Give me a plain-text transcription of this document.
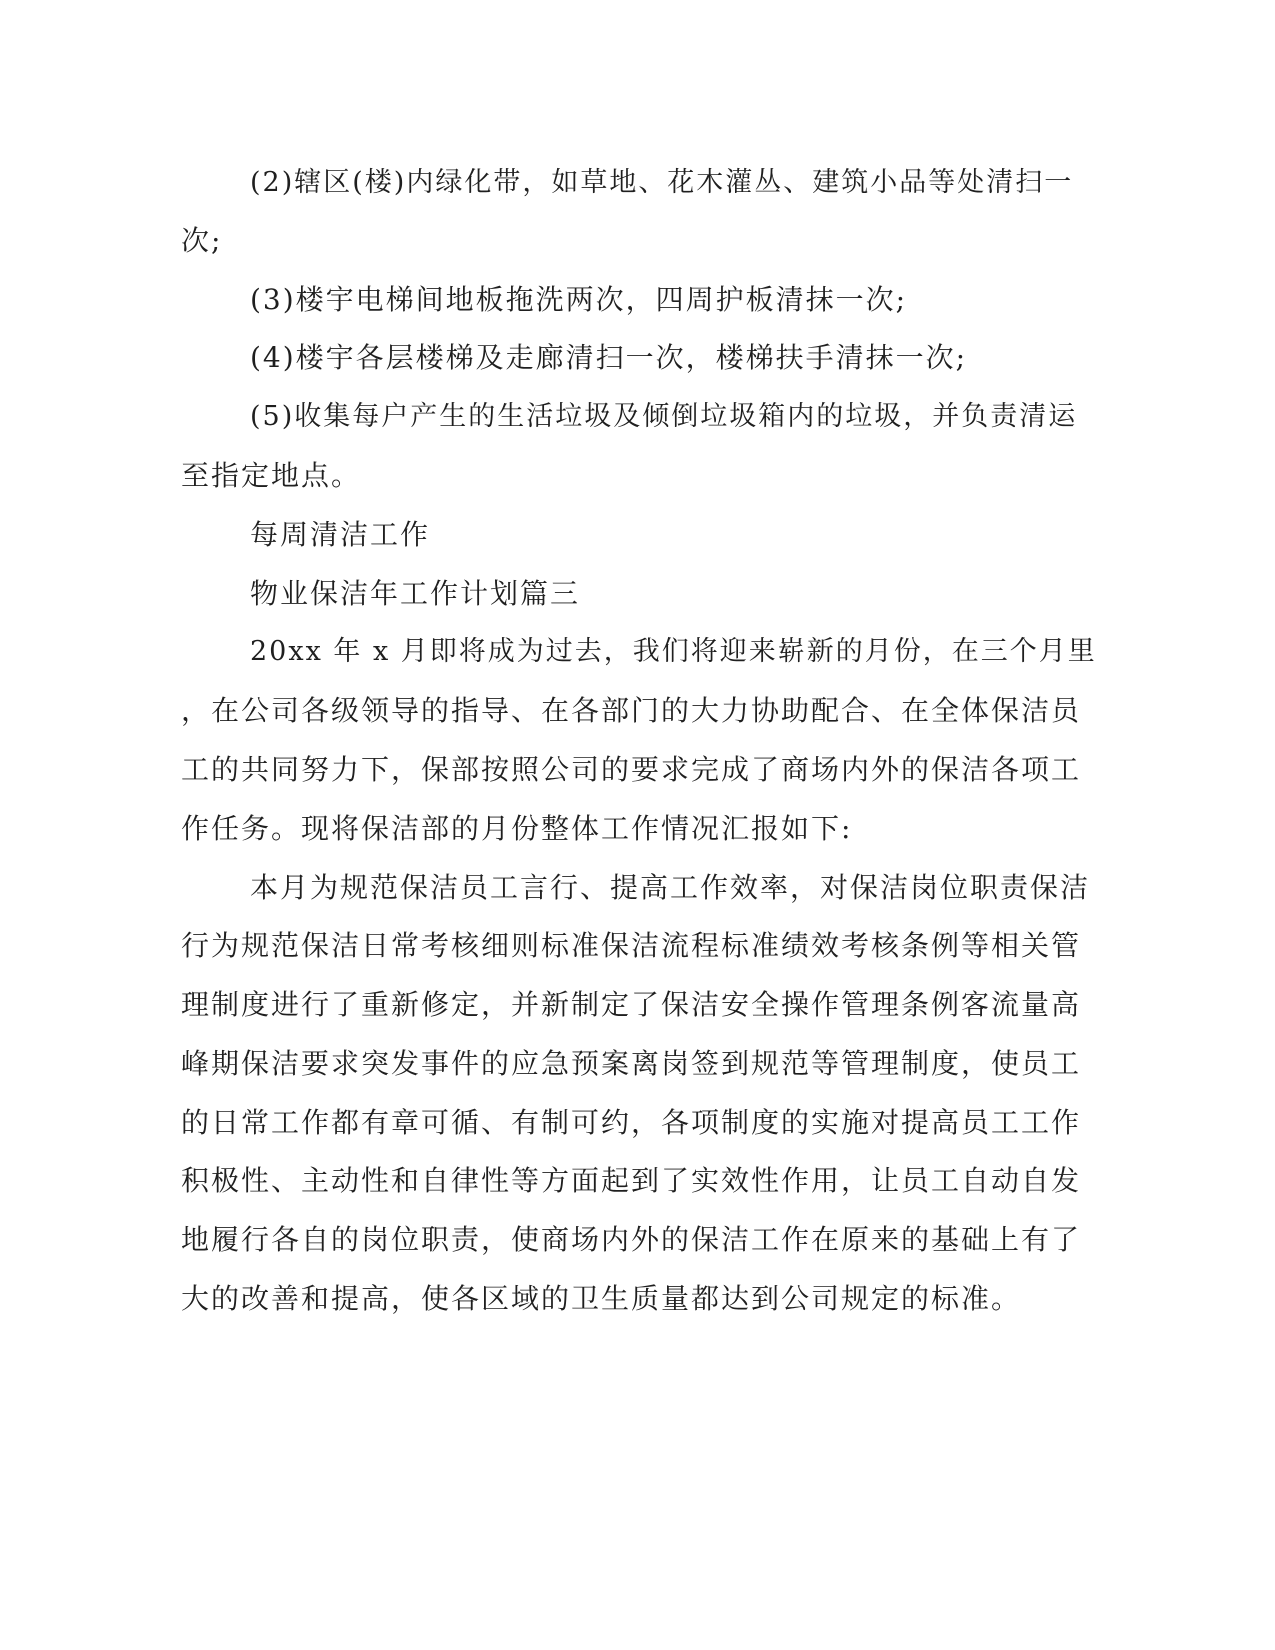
(2)辖区(楼)内绿化带，如草地、花木灌丛、建筑小品等处清扫一
次;
(3)楼宇电梯间地板拖洗两次，四周护板清抹一次;
(4)楼宇各层楼梯及走廊清扫一次，楼梯扶手清抹一次;
(5)收集每户产生的生活垃圾及倾倒垃圾箱内的垃圾，并负责清运
至指定地点。
每周清洁工作
物业保洁年工作计划篇三
20xx 年 x 月即将成为过去，我们将迎来崭新的月份，在三个月里
，在公司各级领导的指导、在各部门的大力协助配合、在全体保洁员
工的共同努力下，保部按照公司的要求完成了商场内外的保洁各项工
作任务。现将保洁部的月份整体工作情况汇报如下:
本月为规范保洁员工言行、提高工作效率，对保洁岗位职责保洁
行为规范保洁日常考核细则标准保洁流程标准绩效考核条例等相关管
理制度进行了重新修定，并新制定了保洁安全操作管理条例客流量高
峰期保洁要求突发事件的应急预案离岗签到规范等管理制度，使员工
的日常工作都有章可循、有制可约，各项制度的实施对提高员工工作
积极性、主动性和自律性等方面起到了实效性作用，让员工自动自发
地履行各自的岗位职责，使商场内外的保洁工作在原来的基础上有了
大的改善和提高，使各区域的卫生质量都达到公司规定的标准。
